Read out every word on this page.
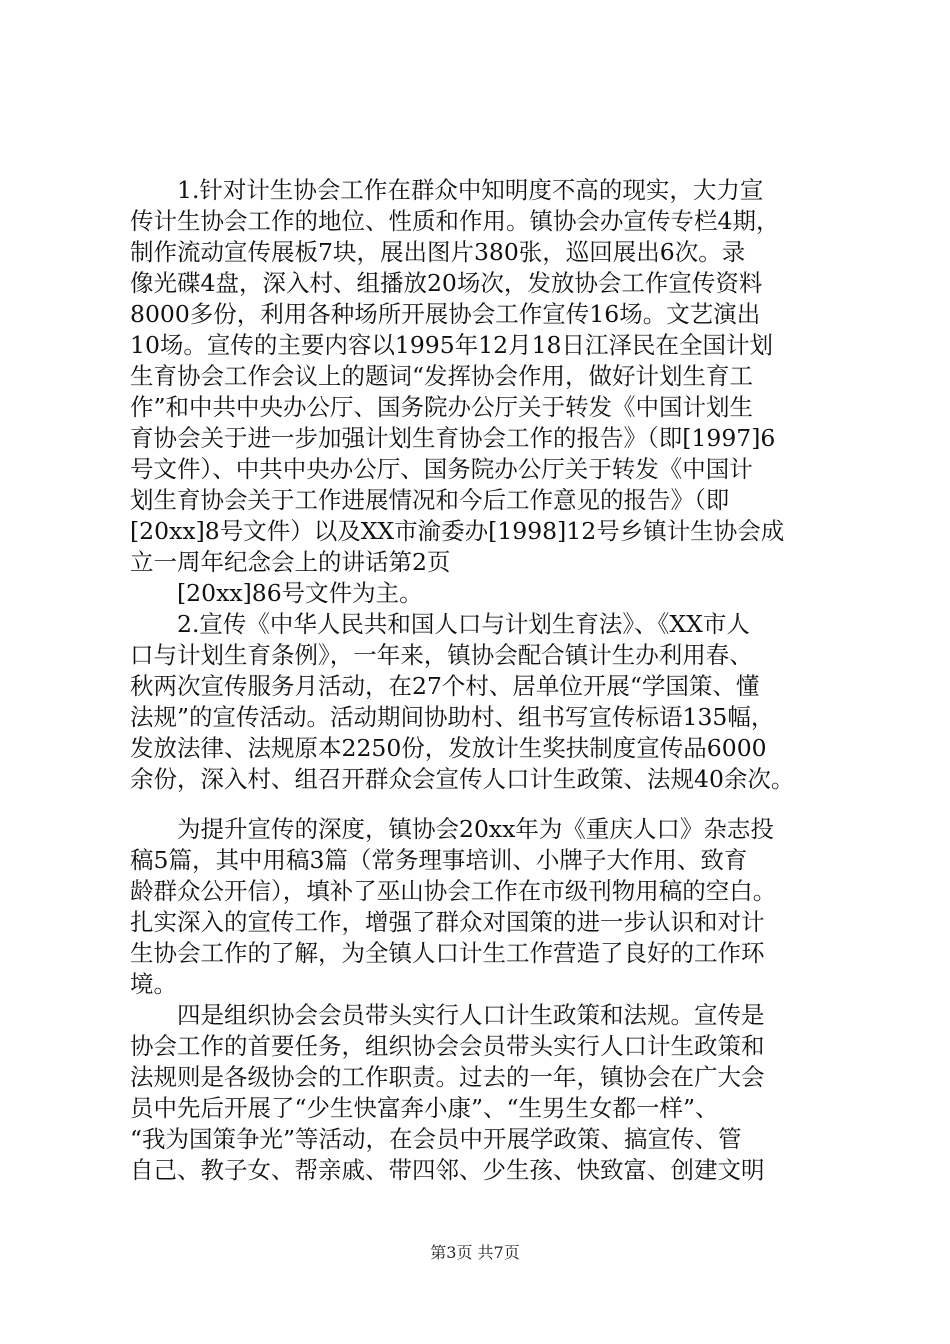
　　1.针对计生协会工作在群众中知明度不高的现实，大力宣
传计生协会工作的地位、性质和作用。镇协会办宣传专栏4期，
制作流动宣传展板7块，展出图片380张，巡回展出6次。录
像光碟4盘，深入村、组播放20场次，发放协会工作宣传资料
8000多份，利用各种场所开展协会工作宣传16场。文艺演出
10场。宣传的主要内容以1995年12月18日江泽民在全国计划
生育协会工作会议上的题词“发挥协会作用，做好计划生育工
作”和中共中央办公厅、国务院办公厅关于转发《中国计划生
育协会关于进一步加强计划生育协会工作的报告》（即[1997]6
号文件）、中共中央办公厅、国务院办公厅关于转发《中国计
划生育协会关于工作进展情况和今后工作意见的报告》（即
[20xx]8号文件）以及XX市渝委办[1998]12号乡镇计生协会成
立一周年纪念会上的讲话第2页
　　[20xx]86号文件为主。
　　2.宣传《中华人民共和国人口与计划生育法》、《XX市人
口与计划生育条例》，一年来，镇协会配合镇计生办利用春、
秋两次宣传服务月活动，在27个村、居单位开展“学国策、懂
法规”的宣传活动。活动期间协助村、组书写宣传标语135幅，
发放法律、法规原本2250份，发放计生奖扶制度宣传品6000
余份，深入村、组召开群众会宣传人口计生政策、法规40余次。
　　为提升宣传的深度，镇协会20xx年为《重庆人口》杂志投
稿5篇，其中用稿3篇（常务理事培训、小牌子大作用、致育
龄群众公开信），填补了巫山协会工作在市级刊物用稿的空白。
扎实深入的宣传工作，增强了群众对国策的进一步认识和对计
生协会工作的了解，为全镇人口计生工作营造了良好的工作环
境。
　　四是组织协会会员带头实行人口计生政策和法规。宣传是
协会工作的首要任务，组织协会会员带头实行人口计生政策和
法规则是各级协会的工作职责。过去的一年，镇协会在广大会
员中先后开展了“少生快富奔小康”、“生男生女都一样”、
“我为国策争光”等活动，在会员中开展学政策、搞宣传、管
自己、教子女、帮亲戚、带四邻、少生孩、快致富、创建文明
第3页 共7页
